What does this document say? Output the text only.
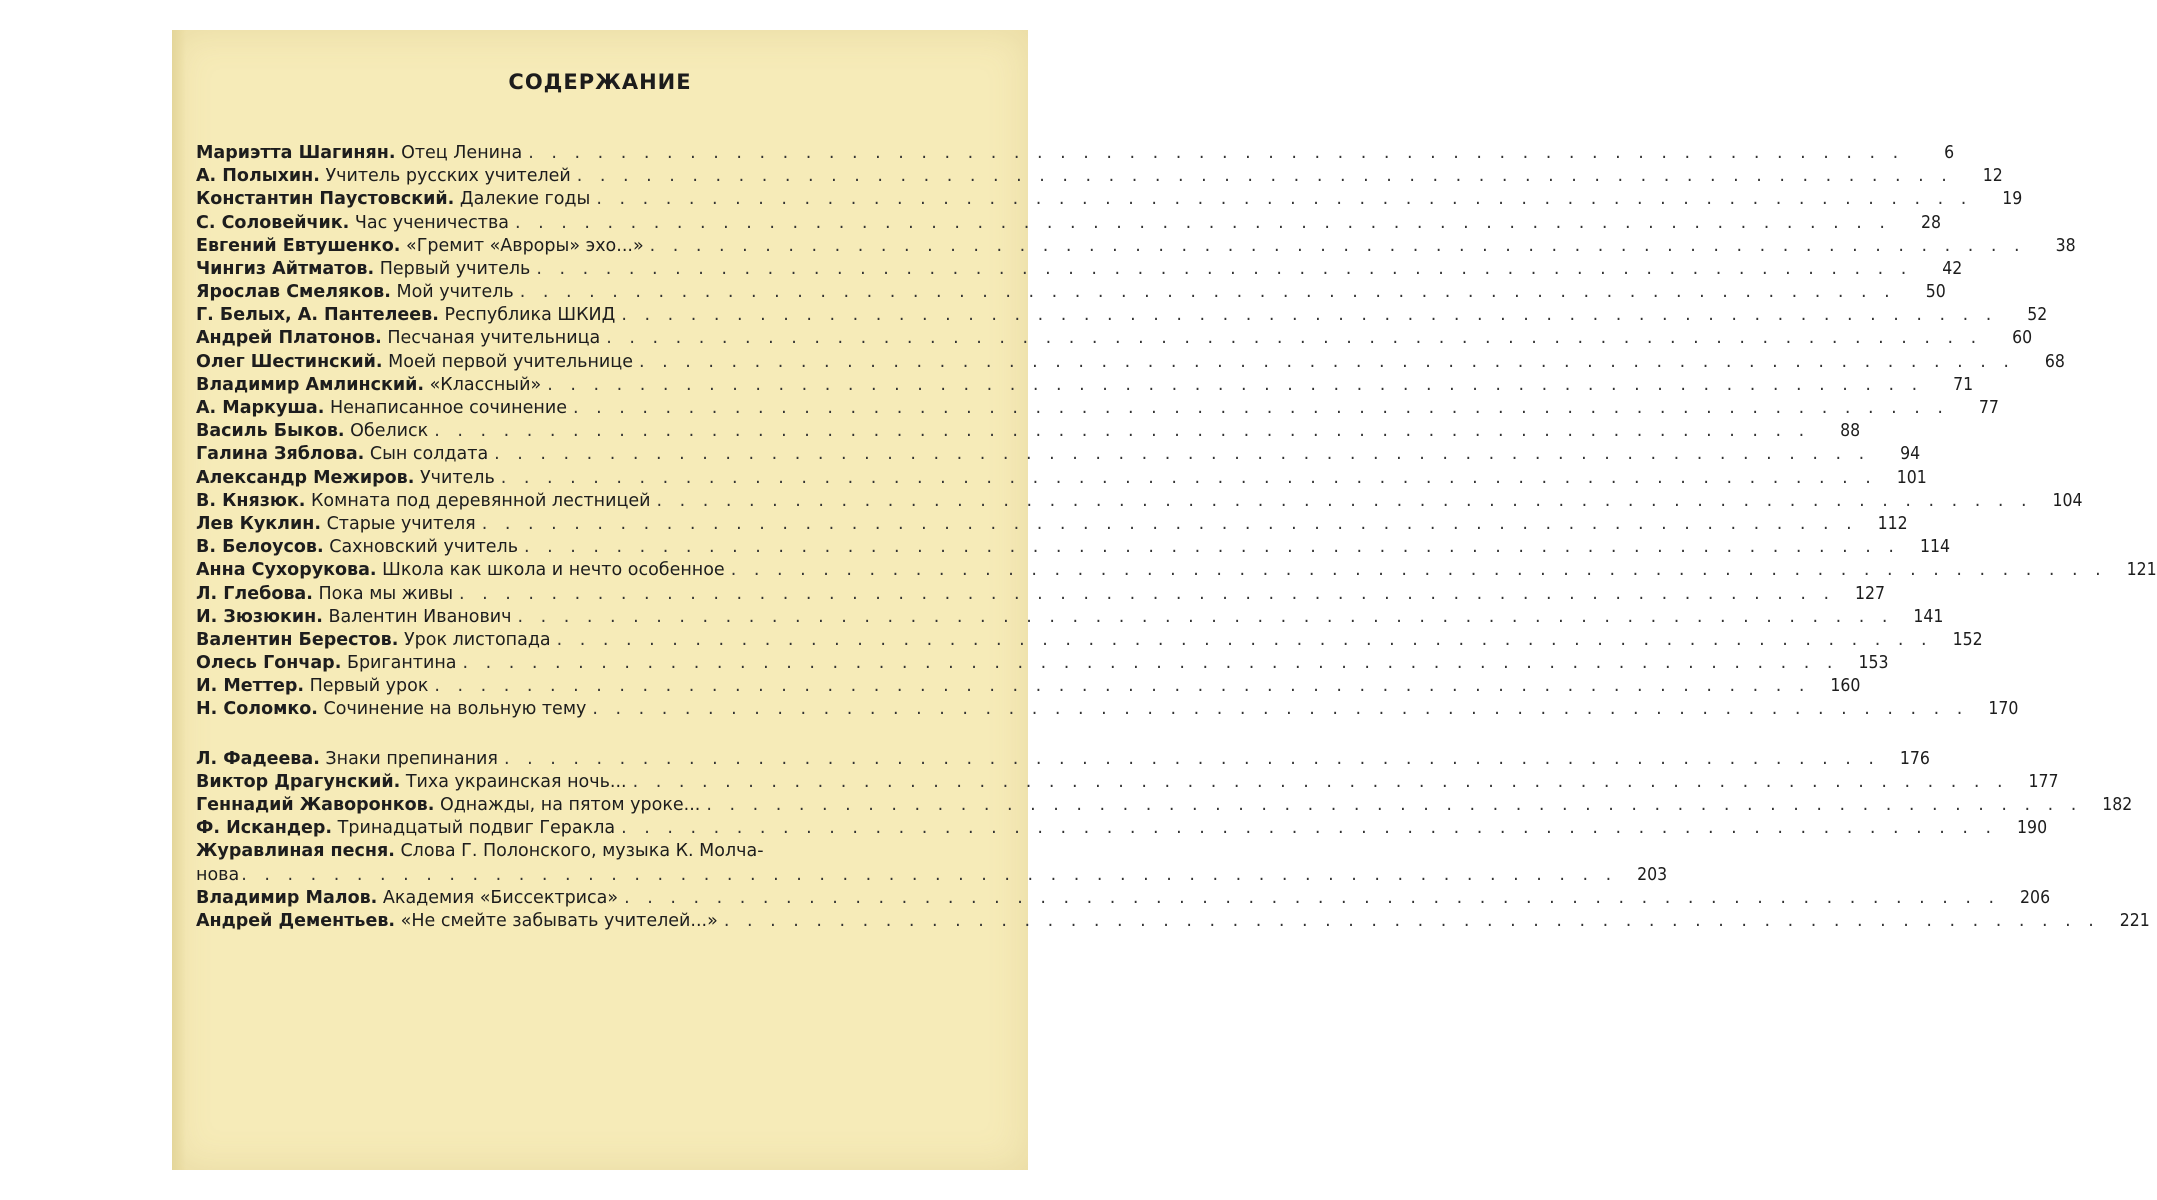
СОДЕРЖАНИЕ
Мариэтта Шагинян. Отец Ленина . . . . . . . . . . . . . . . . . . . . . . . . . . . . . . . . . . . . . . . . . . . . . . . . . . . . . . . . . . . .	6
А. Полыхин. Учитель русских учителей . . . . . . . . . . . . . . . . . . . . . . . . . . . . . . . . . . . . . . . . . . . . . . . . . . . . . . . . . . . .	12
Константин Паустовский. Далекие годы . . . . . . . . . . . . . . . . . . . . . . . . . . . . . . . . . . . . . . . . . . . . . . . . . . . . . . . . . . . .	19
С. Соловейчик. Час ученичества . . . . . . . . . . . . . . . . . . . . . . . . . . . . . . . . . . . . . . . . . . . . . . . . . . . . . . . . . . . .	28
Евгений Евтушенко. «Гремит «Авроры» эхо...» . . . . . . . . . . . . . . . . . . . . . . . . . . . . . . . . . . . . . . . . . . . . . . . . . . . . . . . . . . . .	38
Чингиз Айтматов. Первый учитель . . . . . . . . . . . . . . . . . . . . . . . . . . . . . . . . . . . . . . . . . . . . . . . . . . . . . . . . . . . .	42
Ярослав Смеляков. Мой учитель . . . . . . . . . . . . . . . . . . . . . . . . . . . . . . . . . . . . . . . . . . . . . . . . . . . . . . . . . . . .	50
Г. Белых, А. Пантелеев. Республика ШКИД . . . . . . . . . . . . . . . . . . . . . . . . . . . . . . . . . . . . . . . . . . . . . . . . . . . . . . . . . . . .	52
Андрей Платонов. Песчаная учительница . . . . . . . . . . . . . . . . . . . . . . . . . . . . . . . . . . . . . . . . . . . . . . . . . . . . . . . . . . . .	60
Олег Шестинский. Моей первой учительнице . . . . . . . . . . . . . . . . . . . . . . . . . . . . . . . . . . . . . . . . . . . . . . . . . . . . . . . . . . . .	68
Владимир Амлинский. «Классный» . . . . . . . . . . . . . . . . . . . . . . . . . . . . . . . . . . . . . . . . . . . . . . . . . . . . . . . . . . . .	71
А. Маркуша. Ненаписанное сочинение . . . . . . . . . . . . . . . . . . . . . . . . . . . . . . . . . . . . . . . . . . . . . . . . . . . . . . . . . . . .	77
Василь Быков. Обелиск . . . . . . . . . . . . . . . . . . . . . . . . . . . . . . . . . . . . . . . . . . . . . . . . . . . . . . . . . . . .	88
Галина Зяблова. Сын солдата . . . . . . . . . . . . . . . . . . . . . . . . . . . . . . . . . . . . . . . . . . . . . . . . . . . . . . . . . . . .	94
Александр Межиров. Учитель . . . . . . . . . . . . . . . . . . . . . . . . . . . . . . . . . . . . . . . . . . . . . . . . . . . . . . . . . . . .	101
В. Князюк. Комната под деревянной лестницей . . . . . . . . . . . . . . . . . . . . . . . . . . . . . . . . . . . . . . . . . . . . . . . . . . . . . . . . . . . .	104
Лев Куклин. Старые учителя . . . . . . . . . . . . . . . . . . . . . . . . . . . . . . . . . . . . . . . . . . . . . . . . . . . . . . . . . . . .	112
В. Белоусов. Сахновский учитель . . . . . . . . . . . . . . . . . . . . . . . . . . . . . . . . . . . . . . . . . . . . . . . . . . . . . . . . . . . .	114
Анна Сухорукова. Школа как школа и нечто особенное . . . . . . . . . . . . . . . . . . . . . . . . . . . . . . . . . . . . . . . . . . . . . . . . . . . . . . . . . . . .	121
Л. Глебова. Пока мы живы . . . . . . . . . . . . . . . . . . . . . . . . . . . . . . . . . . . . . . . . . . . . . . . . . . . . . . . . . . . .	127
И. Зюзюкин. Валентин Иванович . . . . . . . . . . . . . . . . . . . . . . . . . . . . . . . . . . . . . . . . . . . . . . . . . . . . . . . . . . . .	141
Валентин Берестов. Урок листопада . . . . . . . . . . . . . . . . . . . . . . . . . . . . . . . . . . . . . . . . . . . . . . . . . . . . . . . . . . . .	152
Олесь Гончар. Бригантина . . . . . . . . . . . . . . . . . . . . . . . . . . . . . . . . . . . . . . . . . . . . . . . . . . . . . . . . . . . .	153
И. Меттер. Первый урок . . . . . . . . . . . . . . . . . . . . . . . . . . . . . . . . . . . . . . . . . . . . . . . . . . . . . . . . . . . .	160
Н. Соломко. Сочинение на вольную тему . . . . . . . . . . . . . . . . . . . . . . . . . . . . . . . . . . . . . . . . . . . . . . . . . . . . . . . . . . . .	170
Л. Фадеева. Знаки препинания . . . . . . . . . . . . . . . . . . . . . . . . . . . . . . . . . . . . . . . . . . . . . . . . . . . . . . . . . . . .	176
Виктор Драгунский. Тиха украинская ночь... . . . . . . . . . . . . . . . . . . . . . . . . . . . . . . . . . . . . . . . . . . . . . . . . . . . . . . . . . . . .	177
Геннадий Жаворонков. Однажды, на пятом уроке... . . . . . . . . . . . . . . . . . . . . . . . . . . . . . . . . . . . . . . . . . . . . . . . . . . . . . . . . . . . .	182
Ф. Искандер. Тринадцатый подвиг Геракла . . . . . . . . . . . . . . . . . . . . . . . . . . . . . . . . . . . . . . . . . . . . . . . . . . . . . . . . . . . .	190
Журавлиная песня. Слова Г. Полонского, музыка К. Молча-
нова . . . . . . . . . . . . . . . . . . . . . . . . . . . . . . . . . . . . . . . . . . . . . . . . . . . . . . . . . . . .	203
Владимир Малов. Академия «Биссектриса» . . . . . . . . . . . . . . . . . . . . . . . . . . . . . . . . . . . . . . . . . . . . . . . . . . . . . . . . . . . .	206
Андрей Дементьев. «Не смейте забывать учителей...» . . . . . . . . . . . . . . . . . . . . . . . . . . . . . . . . . . . . . . . . . . . . . . . . . . . . . . . . . . . .	221
